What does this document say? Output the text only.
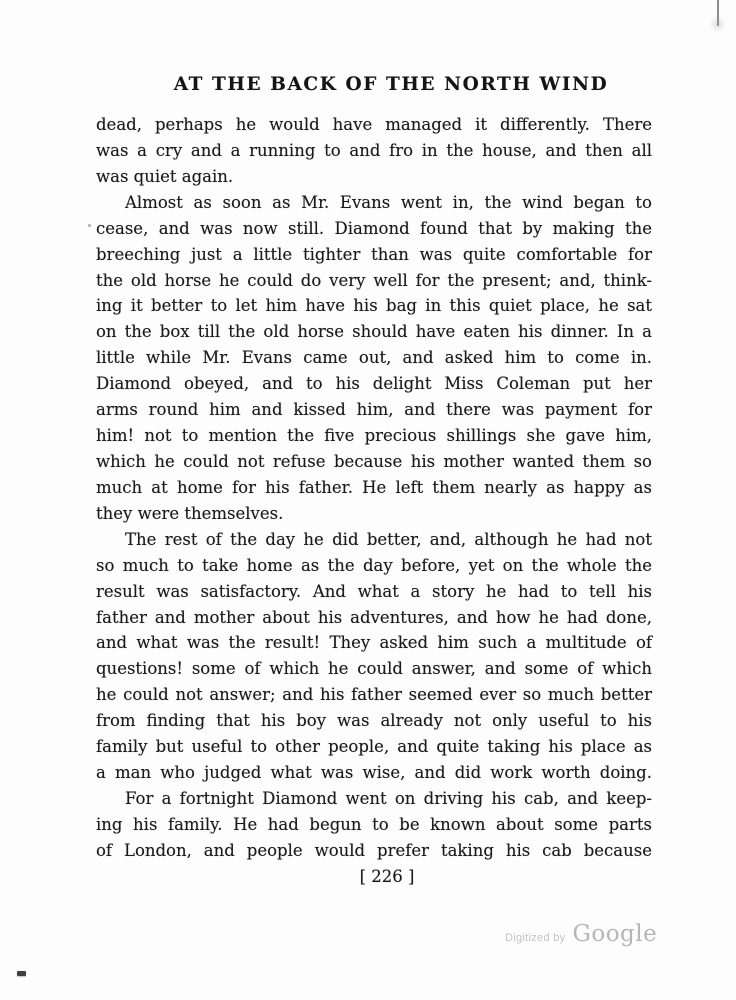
AT THE BACK OF THE NORTH WIND
dead, perhaps he would have managed it differently. There
was a cry and a running to and fro in the house, and then all
was quiet again.
Almost as soon as Mr. Evans went in, the wind began to
cease, and was now still. Diamond found that by making the
breeching just a little tighter than was quite comfortable for
the old horse he could do very well for the present; and, think-
ing it better to let him have his bag in this quiet place, he sat
on the box till the old horse should have eaten his dinner. In a
little while Mr. Evans came out, and asked him to come in.
Diamond obeyed, and to his delight Miss Coleman put her
arms round him and kissed him, and there was payment for
him! not to mention the five precious shillings she gave him,
which he could not refuse because his mother wanted them so
much at home for his father. He left them nearly as happy as
they were themselves.
The rest of the day he did better, and, although he had not
so much to take home as the day before, yet on the whole the
result was satisfactory. And what a story he had to tell his
father and mother about his adventures, and how he had done,
and what was the result! They asked him such a multitude of
questions! some of which he could answer, and some of which
he could not answer; and his father seemed ever so much better
from finding that his boy was already not only useful to his
family but useful to other people, and quite taking his place as
a man who judged what was wise, and did work worth doing.
For a fortnight Diamond went on driving his cab, and keep-
ing his family. He had begun to be known about some parts
of London, and people would prefer taking his cab because
[ 226 ]
Digitized by Google
